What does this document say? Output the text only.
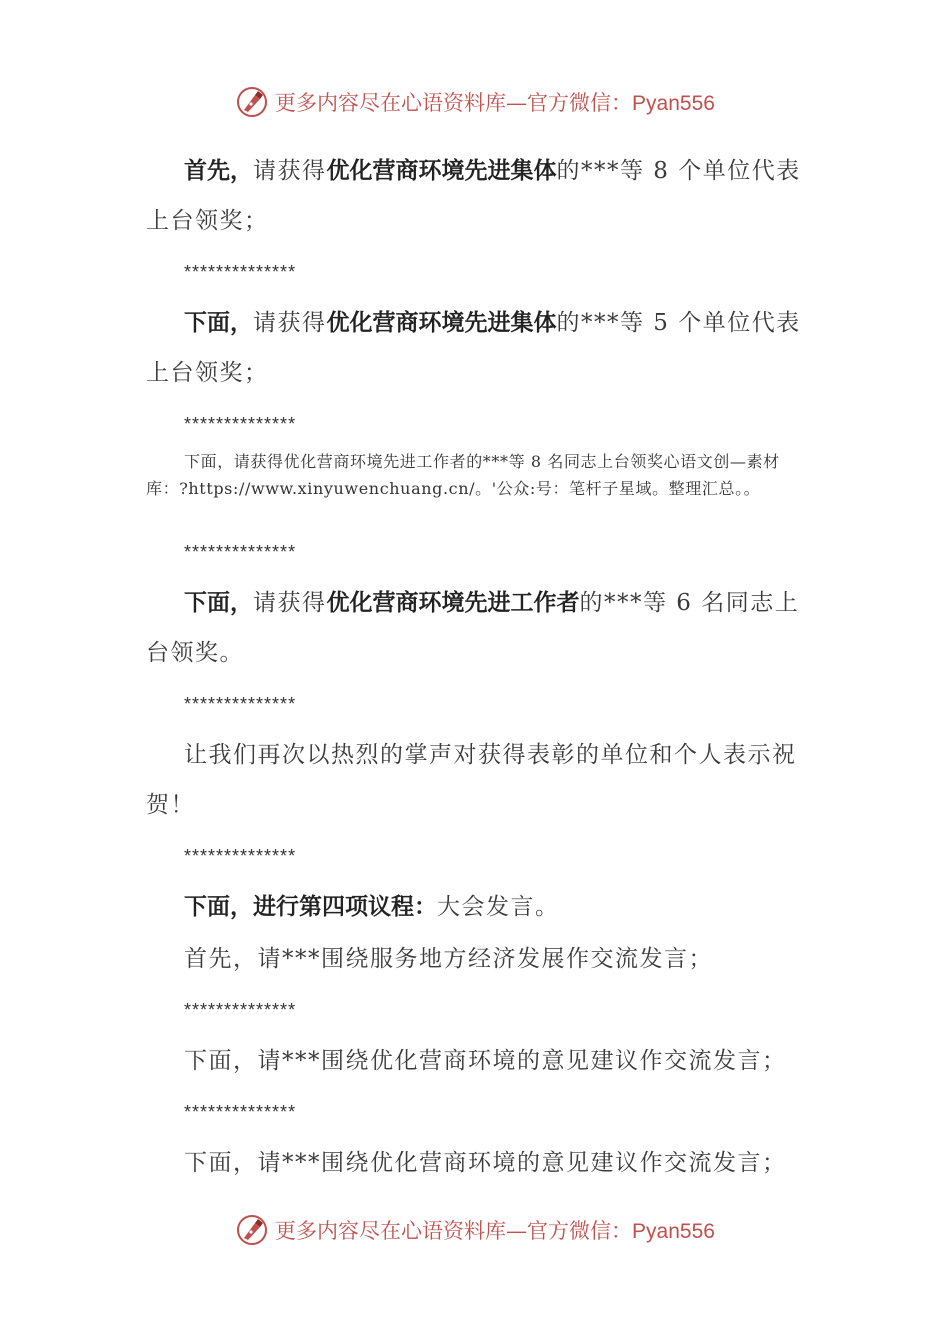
更多内容尽在心语资料库—官方微信：Pyan556
首先，请获得优化营商环境先进集体的***等 8 个单位代表上台领奖；
**************
下面，请获得优化营商环境先进集体的***等 5 个单位代表上台领奖；
**************
下面，请获得优化营商环境先进工作者的***等 8 名同志上台领奖心语文创—素材库：?https://www.xinyuwenchuang.cn/。'公众:号：笔杆子星域。整理汇总。。
**************
下面，请获得优化营商环境先进工作者的***等 6 名同志上台领奖。
**************
让我们再次以热烈的掌声对获得表彰的单位和个人表示祝贺！
**************
下面，进行第四项议程：大会发言。
首先，请***围绕服务地方经济发展作交流发言；
**************
下面，请***围绕优化营商环境的意见建议作交流发言；
**************
下面，请***围绕优化营商环境的意见建议作交流发言；
更多内容尽在心语资料库—官方微信：Pyan556
